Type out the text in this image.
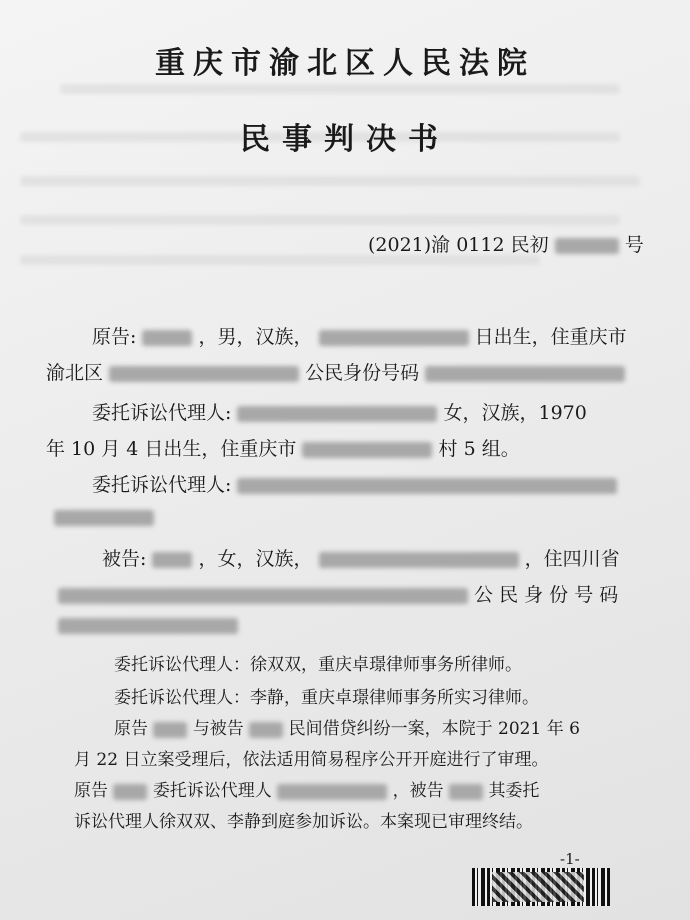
重庆市渝北区人民法院
民事判决书
(2021)渝 0112 民初	号
原告:	，男，汉族，	日出生，住重庆市
渝北区	公民身份号码
委托诉讼代理人:	女，汉族，1970
年 10 月 4 日出生，住重庆市	村 5 组。
委托诉讼代理人:
被告:	，女，汉族，	，住四川省
公 民 身 份 号 码
委托诉讼代理人：徐双双，重庆卓璟律师事务所律师。
委托诉讼代理人：李静，重庆卓璟律师事务所实习律师。
原告	与被告	民间借贷纠纷一案，本院于 2021 年 6
月 22 日立案受理后，依法适用简易程序公开开庭进行了审理。
原告	委托诉讼代理人	，被告	其委托
诉讼代理人徐双双、李静到庭参加诉讼。本案现已审理终结。
-1-
